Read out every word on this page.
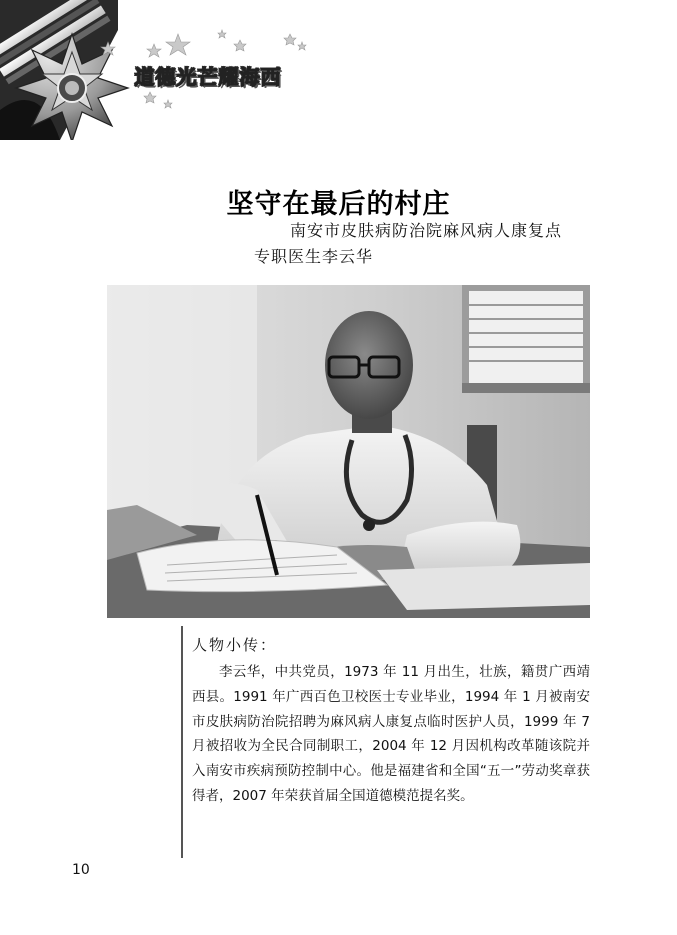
道德光芒耀海西
坚守在最后的村庄
南安市皮肤病防治院麻风病人康复点
专职医生李云华
人物小传：
李云华，中共党员，1973 年 11 月出生，壮族，籍贯广西靖西县。1991 年广西百色卫校医士专业毕业，1994 年 1 月被南安市皮肤病防治院招聘为麻风病人康复点临时医护人员，1999 年 7 月被招收为全民合同制职工，2004 年 12 月因机构改革随该院并入南安市疾病预防控制中心。他是福建省和全国“五一”劳动奖章获得者，2007 年荣获首届全国道德模范提名奖。
10
